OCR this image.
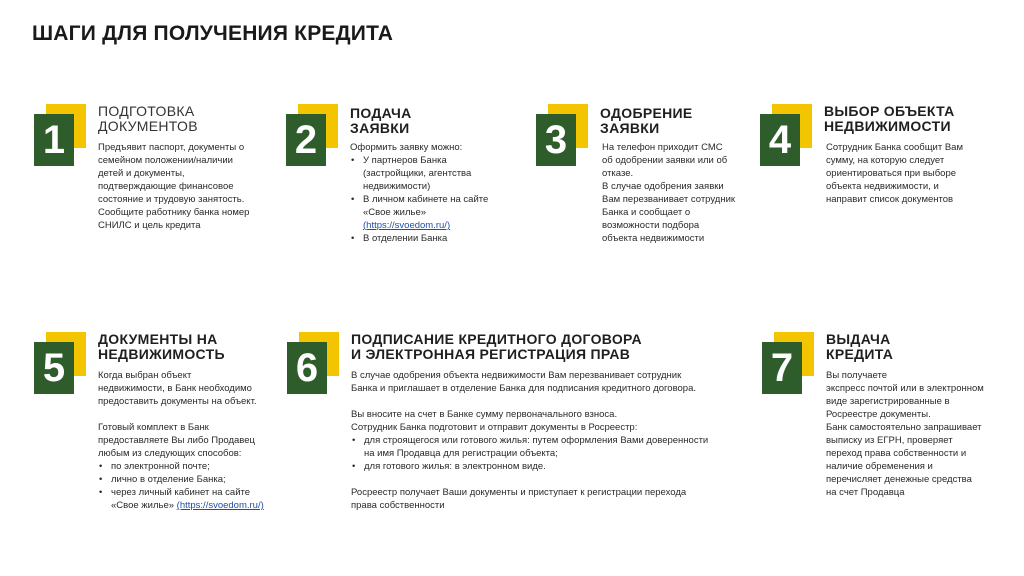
ШАГИ ДЛЯ ПОЛУЧЕНИЯ КРЕДИТА
1
ПОДГОТОВКА
ДОКУМЕНТОВ

Предъявит паспорт, документы о

семейном положении/наличии

детей и документы,

подтверждающие финансовое

состояние и трудовую занятость.

Сообщите работнику банка номер

СНИЛС и цель кредита

2
ПОДАЧА
ЗАЯВКИ

Оформить заявку можно:

• У партнеров Банка
(застройщики, агентства
недвижимости)
• В личном кабинете на сайте
«Свое жилье»
(https://svoedom.ru/)
• В отделении Банка
3
ОДОБРЕНИЕ
ЗАЯВКИ

На телефон приходит СМС

об одобрении заявки или об

отказе.

В случае одобрения заявки

Вам перезванивает сотрудник

Банка и сообщает о

возможности подбора

объекта недвижимости

4
ВЫБОР ОБЪЕКТА
НЕДВИЖИМОСТИ

Сотрудник Банка сообщит Вам

сумму, на которую следует

ориентироваться при выборе

объекта недвижимости, и

направит список документов

5
ДОКУМЕНТЫ НА
НЕДВИЖИМОСТЬ

Когда выбран объект

недвижимости, в Банк необходимо

предоставить документы на объект.

Готовый комплект в Банк

предоставляете Вы либо Продавец

любым из следующих способов:

• по электронной почте;
• лично в отделение Банка;
• через личный кабинет на сайте

«Свое жилье» (https://svoedom.ru/)

6
ПОДПИСАНИЕ КРЕДИТНОГО ДОГОВОРА
И ЭЛЕКТРОННАЯ РЕГИСТРАЦИЯ ПРАВ

В случае одобрения объекта недвижимости Вам перезванивает сотрудник

Банка и приглашает в отделение Банка для подписания кредитного договора.

Вы вносите на счет в Банке сумму первоначального взноса.

Сотрудник Банка подготовит и отправит документы в Росреестр:

• для строящегося или готового жилья: путем оформления Вами доверенности
на имя Продавца для регистрации объекта;
• для готового жилья: в электронном виде.

Росреестр получает Ваши документы и приступает к регистрации перехода

права собственности

7
ВЫДАЧА
КРЕДИТА

Вы получаете

экспресс почтой или в электронном

виде зарегистрированные в

Росреестре документы.

Банк самостоятельно запрашивает

выписку из ЕГРН, проверяет

переход права собственности и

наличие обременения и

перечисляет денежные средства

на счет Продавца
